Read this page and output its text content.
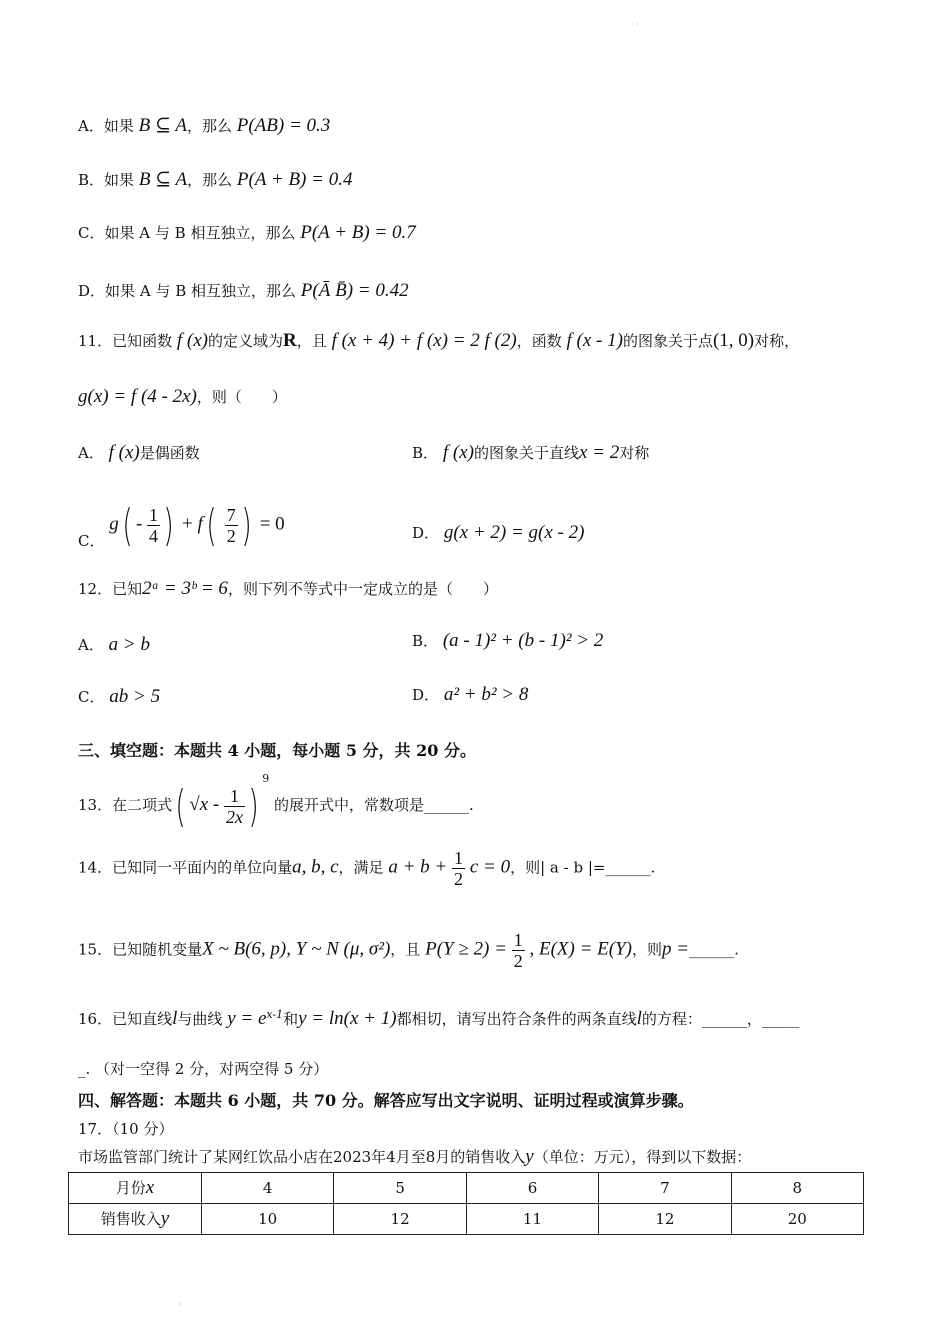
A．如果 B ⊆ A，那么 P(AB) = 0.3
B．如果 B ⊆ A，那么 P(A + B) = 0.4
C．如果 A 与 B 相互独立，那么 P(A + B) = 0.7
D．如果 A 与 B 相互独立，那么 P(Ā B̄) = 0.42
11．已知函数 f (x)的定义域为R，且 f (x + 4) + f (x) = 2 f (2)，函数 f (x - 1)的图象关于点(1, 0)对称，
g(x) = f (4 - 2x)，则（　　）
A． f (x)是偶函数	B． f (x)的图象关于直线x = 2对称
C． $g( - \frac{1}{4}$ ) + $f( \frac{7}{2}$ ) = 0	D． g(x + 2) = g(x - 2)
12．已知2ᵃ = 3ᵇ = 6，则下列不等式中一定成立的是（　　）
A． a > b	B． (a - 1)² + (b - 1)² > 2
C． ab > 5	D． a² + b² > 8
三、填空题：本题共 4 小题，每小题 5 分，共 20 分。
13．在二项式( $√x - \frac{1}{2x} )^9$ 的展开式中，常数项是______.
14．已知同一平面内的单位向量a, b, c，满足 $a + b + \frac{1}{2}$ c = 0，则| a - b |=______.
15．已知随机变量X ~ B(6, p), Y ~ N (μ, σ²)，且 $P(Y \ge 2) = \frac{1}{2}$ , E(X) = E(Y)，则p =______.
16．已知直线l与曲线 $y = e^{x-1}$和y = ln(x + 1)都相切，请写出符合条件的两条直线l的方程：______，_____
_. （对一空得 2 分，对两空得 5 分）
四、解答题：本题共 6 小题，共 70 分。解答应写出文字说明、证明过程或演算步骤。
17．（10 分）
市场监管部门统计了某网红饮品小店在2023年4月至8月的销售收入y（单位：万元），得到以下数据：
月份x	4	5	6	7	8
销售收入y	10	12	11	12	20
·
·
